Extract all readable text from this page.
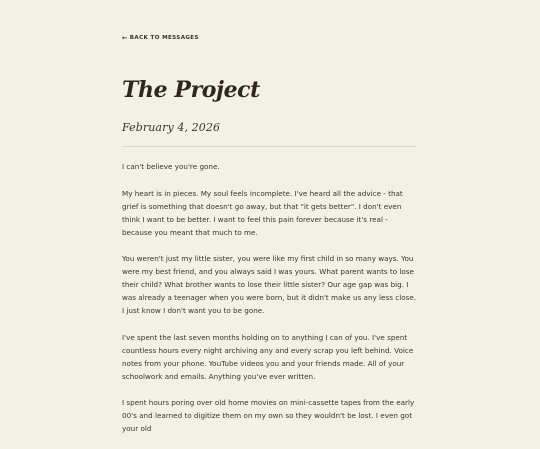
← BACK TO MESSAGES
The Project
February 4, 2026

I can't believe you're gone.

My heart is in pieces. My soul feels incomplete. I've heard all the advice - that grief is something that doesn't go away, but that "it gets better". I don't even think I want to be better. I want to feel this pain forever because it's real - because you meant that much to me.

You weren't just my little sister, you were like my first child in so many ways. You were my best friend, and you always said I was yours. What parent wants to lose their child? What brother wants to lose their little sister? Our age gap was big. I was already a teenager when you were born, but it didn't make us any less close. I just know I don't want you to be gone.

I've spent the last seven months holding on to anything I can of you. I've spent countless hours every night archiving any and every scrap you left behind. Voice notes from your phone. YouTube videos you and your friends made. All of your schoolwork and emails. Anything you've ever written.

I spent hours poring over old home movies on mini-cassette tapes from the early 00's and learned to digitize them on my own so they wouldn't be lost. I even got your old
